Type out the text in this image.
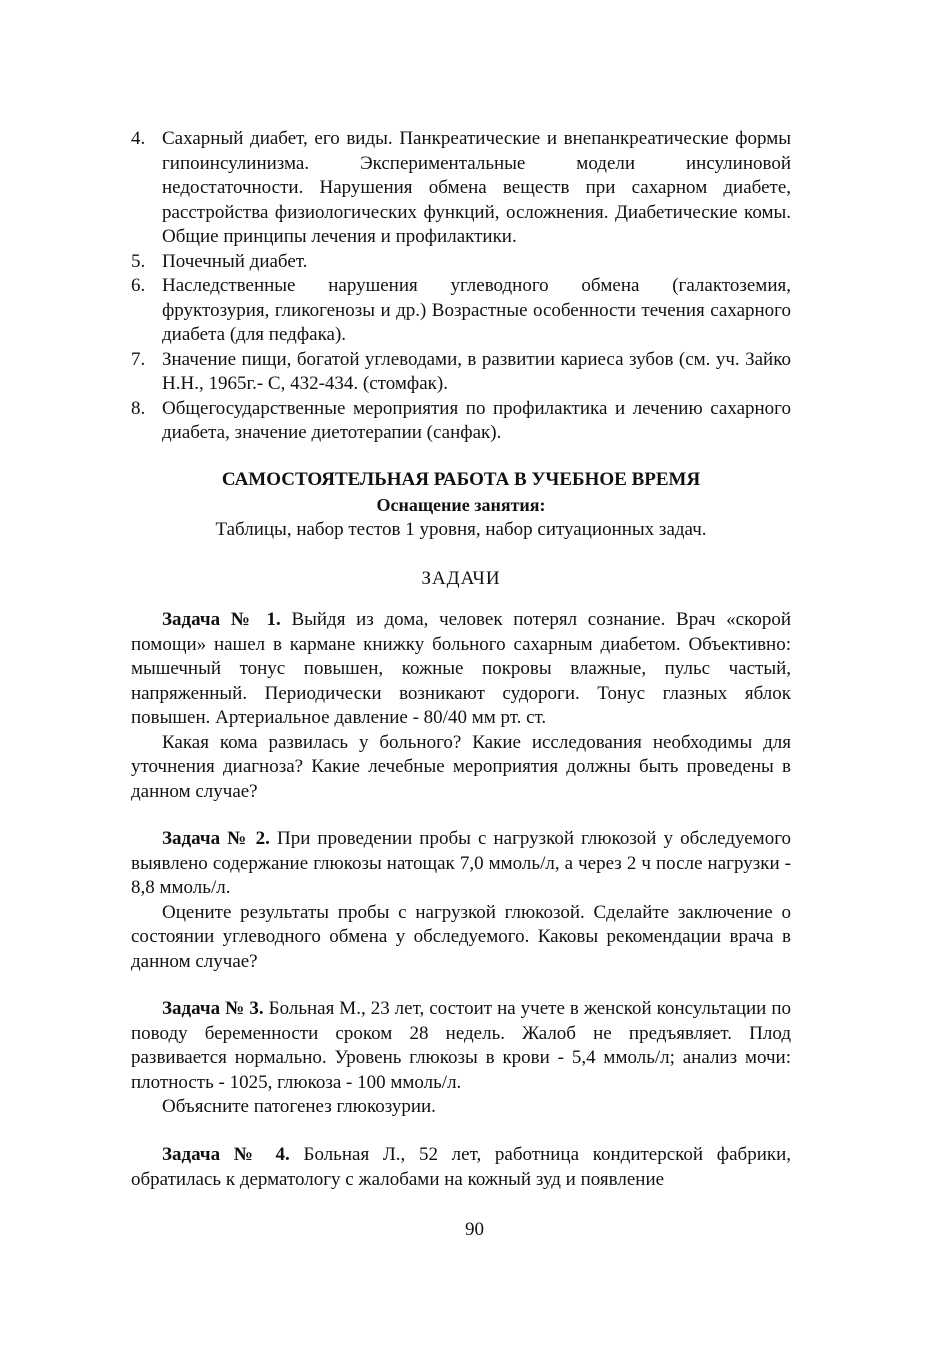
4. Сахарный диабет, его виды. Панкреатические и внепанкреатические формы гипоинсулинизма. Экспериментальные модели инсулиновой недостаточности. Нарушения обмена веществ при сахарном диабете, расстройства физиологических функций, осложнения. Диабетические комы. Общие принципы лечения и профилактики.
5. Почечный диабет.
6. Наследственные нарушения углеводного обмена (галактоземия, фруктозурия, гликогенозы и др.) Возрастные особенности течения сахарного диабета (для педфака).
7. Значение пищи, богатой углеводами, в развитии кариеса зубов (см. уч. Зайко Н.Н., 1965г.- С, 432-434. (стомфак).
8. Общегосударственные мероприятия по профилактика и лечению сахарного диабета, значение диетотерапии (санфак).
САМОСТОЯТЕЛЬНАЯ РАБОТА В УЧЕБНОЕ ВРЕМЯ
Оснащение занятия:
Таблицы, набор тестов 1 уровня, набор ситуационных задач.
ЗАДАЧИ

Задача № 1. Выйдя из дома, человек потерял сознание. Врач «скорой помощи» нашел в кармане книжку больного сахарным диабетом. Объективно: мышечный тонус повышен, кожные покровы влажные, пульс частый, напряженный. Периодически возникают судороги. Тонус глазных яблок повышен. Артериальное давление - 80/40 мм рт. ст.

Какая кома развилась у больного? Какие исследования необходимы для уточнения диагноза? Какие лечебные мероприятия должны быть проведены в данном случае?

Задача № 2. При проведении пробы с нагрузкой глюкозой у обследуемого выявлено содержание глюкозы натощак 7,0 ммоль/л, а через 2 ч после нагрузки - 8,8 ммоль/л.

Оцените результаты пробы с нагрузкой глюкозой. Сделайте заключение о состоянии углеводного обмена у обследуемого. Каковы рекомендации врача в данном случае?

Задача № 3. Больная М., 23 лет, состоит на учете в женской консультации по поводу беременности сроком 28 недель. Жалоб не предъявляет. Плод развивается нормально. Уровень глюкозы в крови - 5,4 ммоль/л; анализ мочи: плотность - 1025, глюкоза - 100 ммоль/л.

Объясните патогенез глюкозурии.

Задача № 4. Больная Л., 52 лет, работница кондитерской фабрики, обратилась к дерматологу с жалобами на кожный зуд и появление

90
